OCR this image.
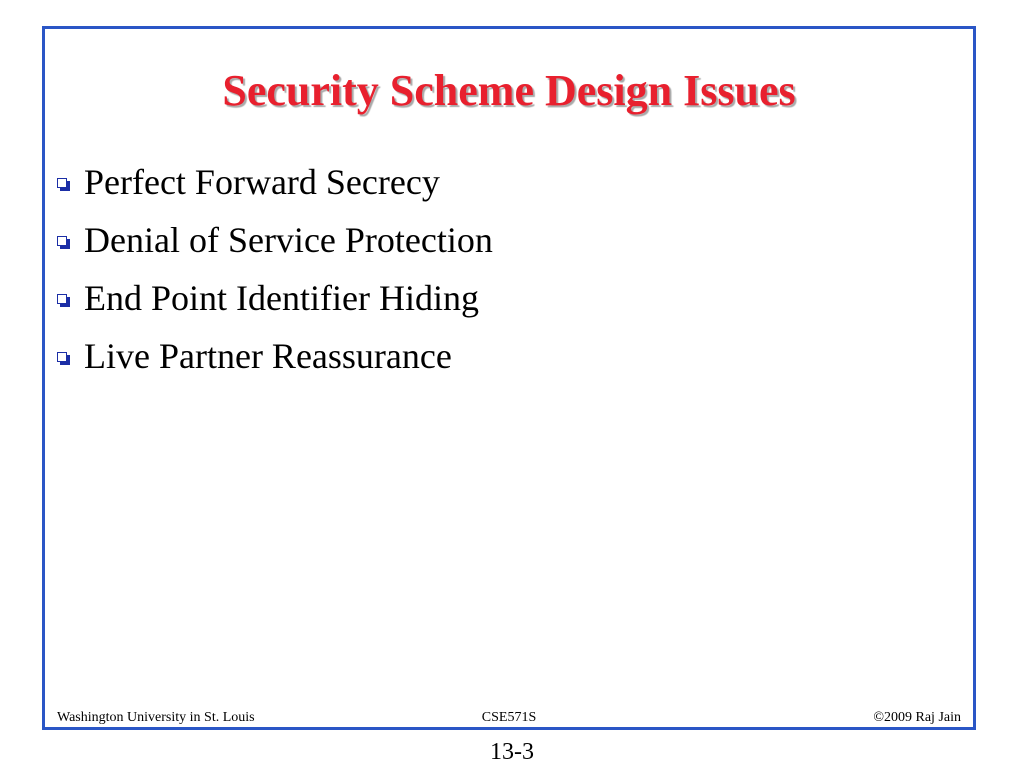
Security Scheme Design Issues
Perfect Forward Secrecy
Denial of Service Protection
End Point Identifier Hiding
Live Partner Reassurance
Washington University in St. Louis	CSE571S	©2009 Raj Jain
13-3
